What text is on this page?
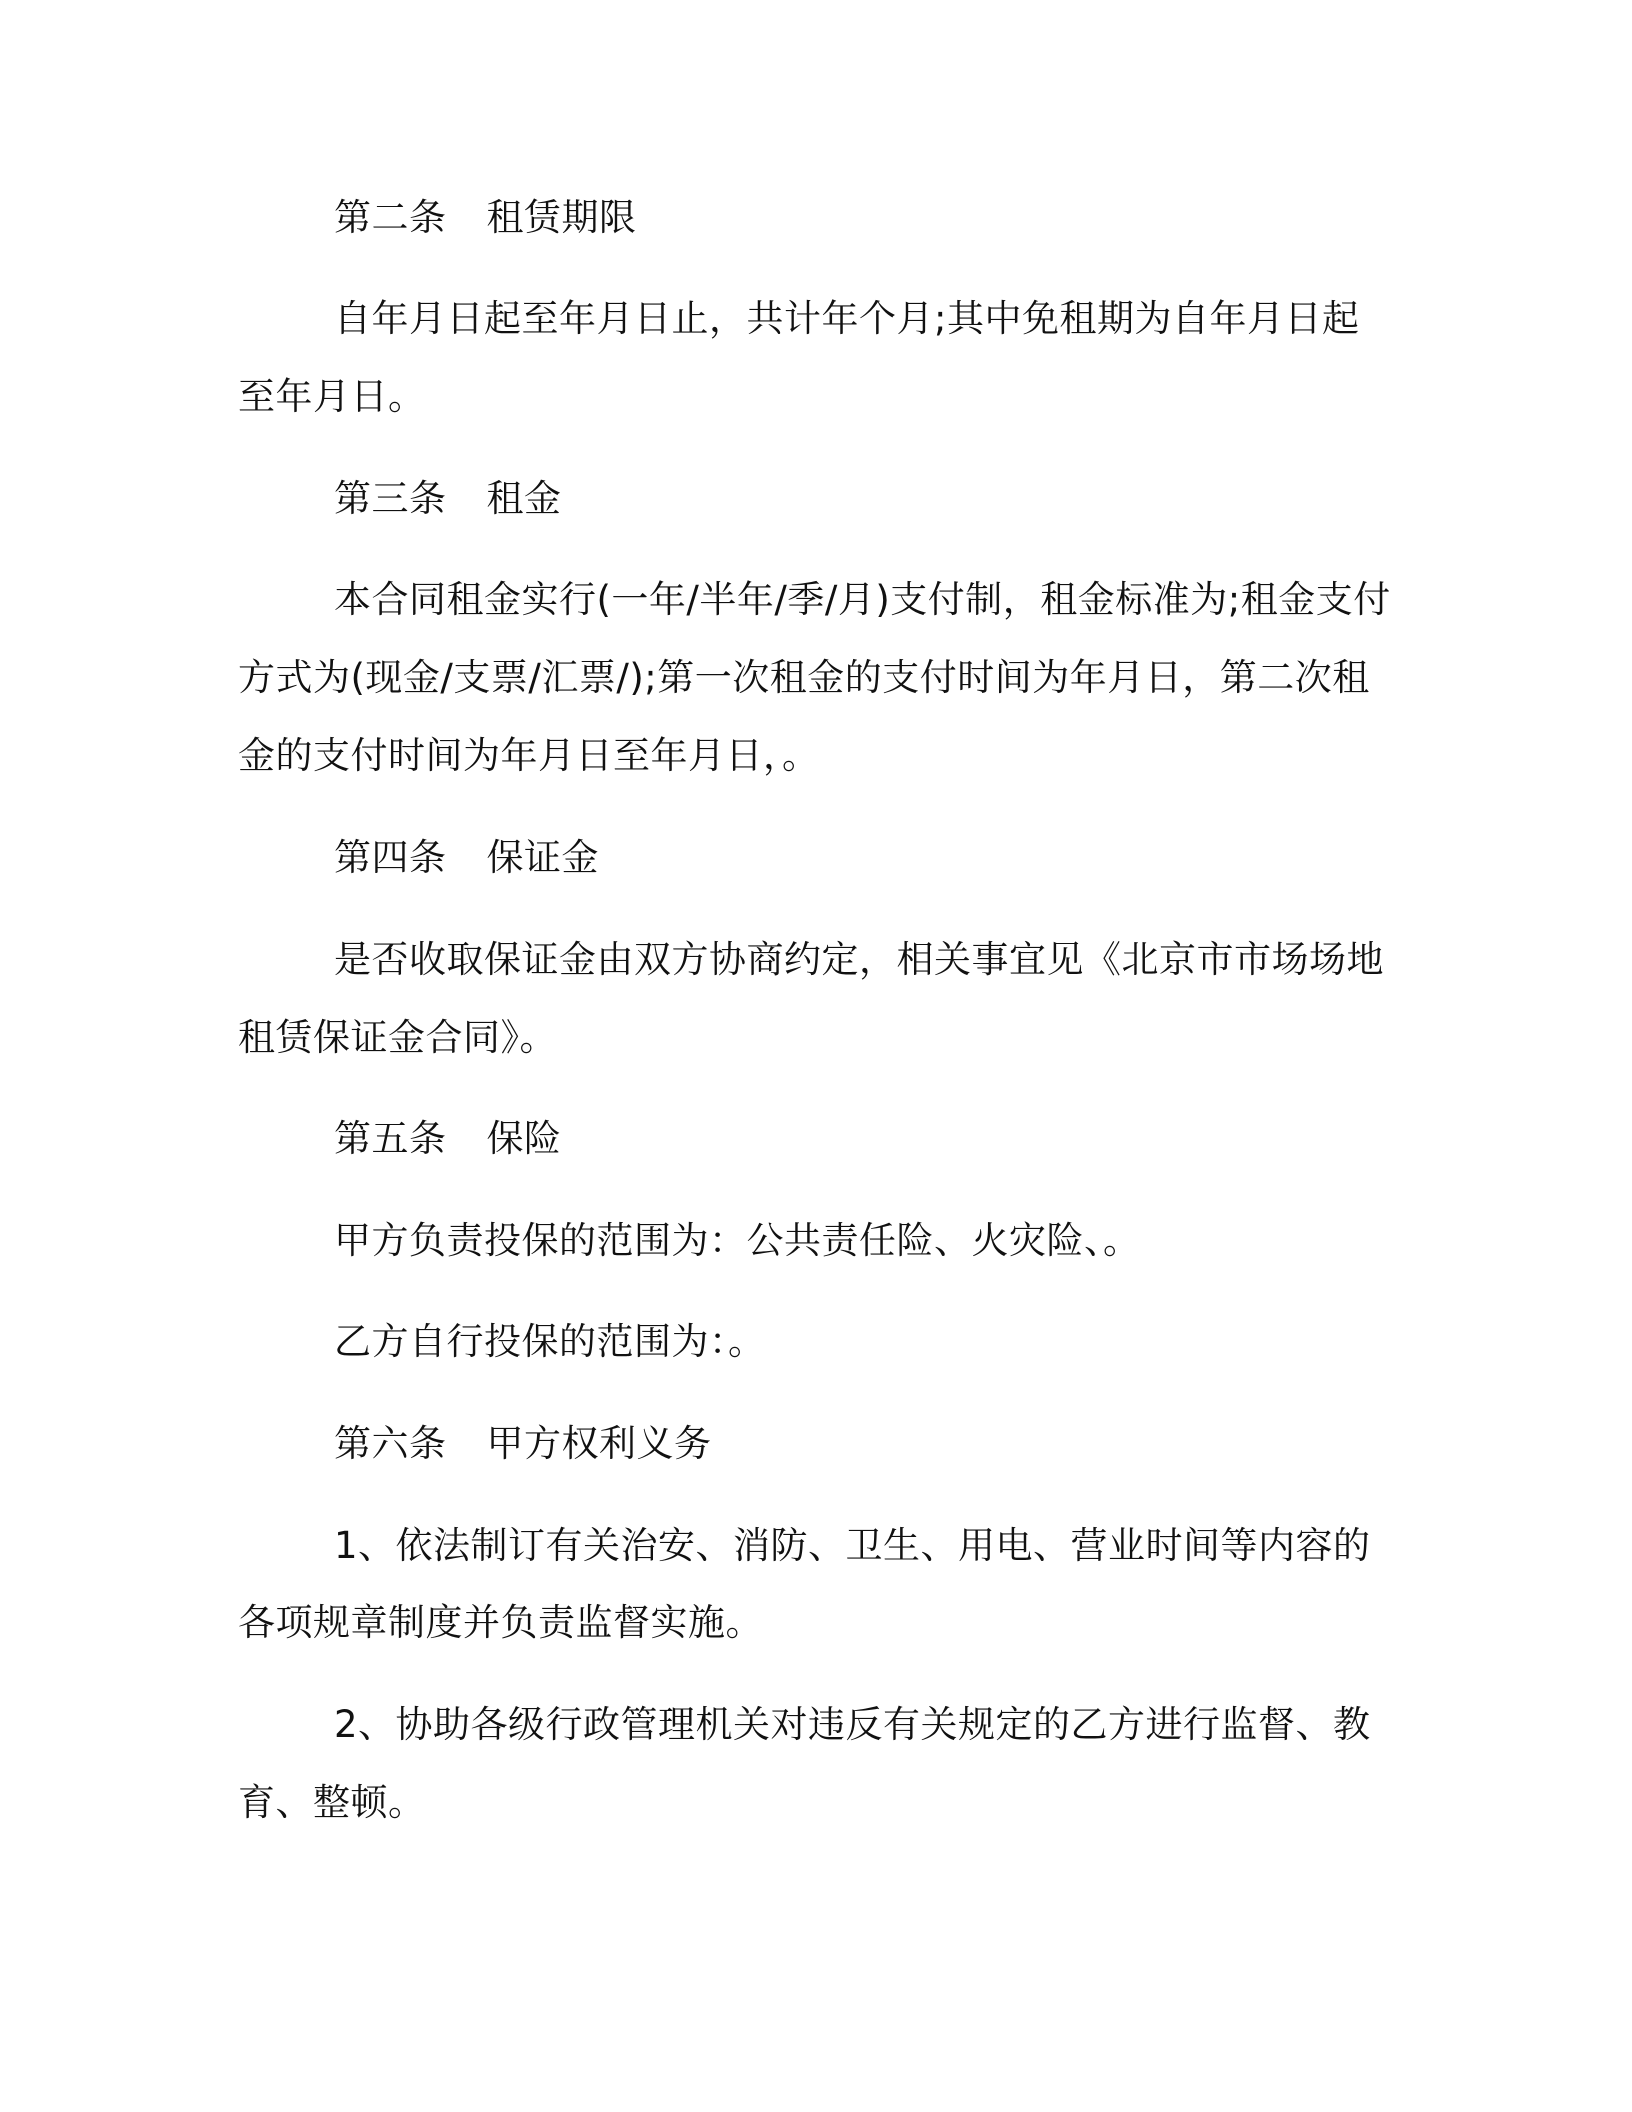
第二条 租赁期限
自年月日起至年月日止，共计年个月;其中免租期为自年月日起
至年月日。
第三条 租金
本合同租金实行(一年/半年/季/月)支付制，租金标准为;租金支付
方式为(现金/支票/汇票/);第一次租金的支付时间为年月日，第二次租
金的支付时间为年月日至年月日，。
第四条 保证金
是否收取保证金由双方协商约定，相关事宜见《北京市市场场地
租赁保证金合同》。
第五条 保险
甲方负责投保的范围为：公共责任险、火灾险、。
乙方自行投保的范围为：。
第六条 甲方权利义务
1、依法制订有关治安、消防、卫生、用电、营业时间等内容的
各项规章制度并负责监督实施。
2、协助各级行政管理机关对违反有关规定的乙方进行监督、教
育、整顿。
